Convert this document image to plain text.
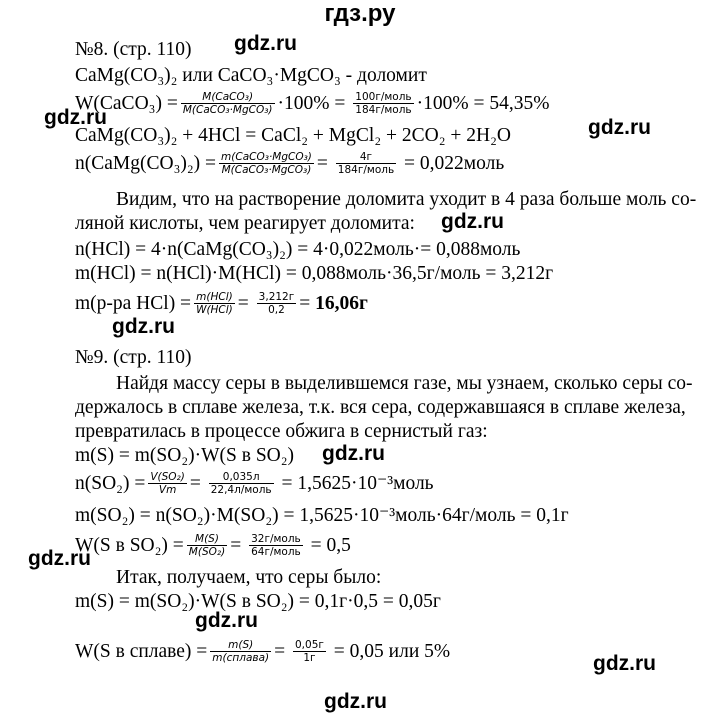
гдз.ру
gdz.ru
gdz.ru	gdz.ru
gdz.ru
gdz.ru
gdz.ru
gdz.ru
gdz.ru
gdz.ru
gdz.ru
№8. (стр. 110)
CaMg(CO₃)₂ или CaCO₃·MgCO₃ - доломит
W(CaCO₃) = $\frac{\text{M(CaCO₃)}}{\text{M(CaCO₃·MgCO₃)}} \cdot 100\% = \frac{\text{100г/моль}}{\text{184г/моль}} \cdot 100\% = 54,35\%$
CaMg(CO₃)₂ + 4HCl = CaCl₂ + MgCl₂ + 2CO₂ + 2H₂O
n(CaMg(CO₃)₂) = $\frac{\text{m(CaCO₃·MgCO₃)}}{\text{M(CaCO₃·MgCO₃)}} = \frac{4г}{\text{184г/моль}}$ = 0,022моль
Видим, что на растворение доломита уходит в 4 раза больше моль со-
ляной кислоты, чем реагирует доломита:
n(HCl) = 4·n(CaMg(CO₃)₂) = 4·0,022моль·= 0,088моль
m(HCl) = n(HCl)·M(HCl) = 0,088моль·36,5г/моль = 3,212г
m(р-ра $HCl) = \frac{\text{m(HCl)}}{\text{W(HCl)}} = \frac{3,212г}{0,2} = 16,06г$
№9. (стр. 110)
Найдя массу серы в выделившемся газе, мы узнаем, сколько серы со-
держалось в сплаве железа, т.к. вся сера, содержавшаяся в сплаве железа,
превратилась в процессе обжига в сернистый газ:
m(S) = m(SO₂)·W(S в SO₂)
$n(SO_2) = \frac{\text{V(SO₂)}}{Vm} = \frac{0,035л}{\text{22,4л/моль}}$ = 1,5625·10⁻³моль
m(SO₂) = n(SO₂)·M(SO₂) = 1,5625·10⁻³моль·64г/моль = 0,1г
W(S в $SO_2) = \frac{M(S)}{\text{M(SO₂)}} = \frac{\text{32г/моль}}{\text{64г/моль}} = 0,5$
Итак, получаем, что серы было:
m(S) = m(SO₂)·W(S в SO₂) = 0,1г·0,5 = 0,05г
W(S в сплаве) = $\frac{m(S)}{\text{m(сплава)}} = \frac{0,05г}{1г} = 0,05$ или 5%
